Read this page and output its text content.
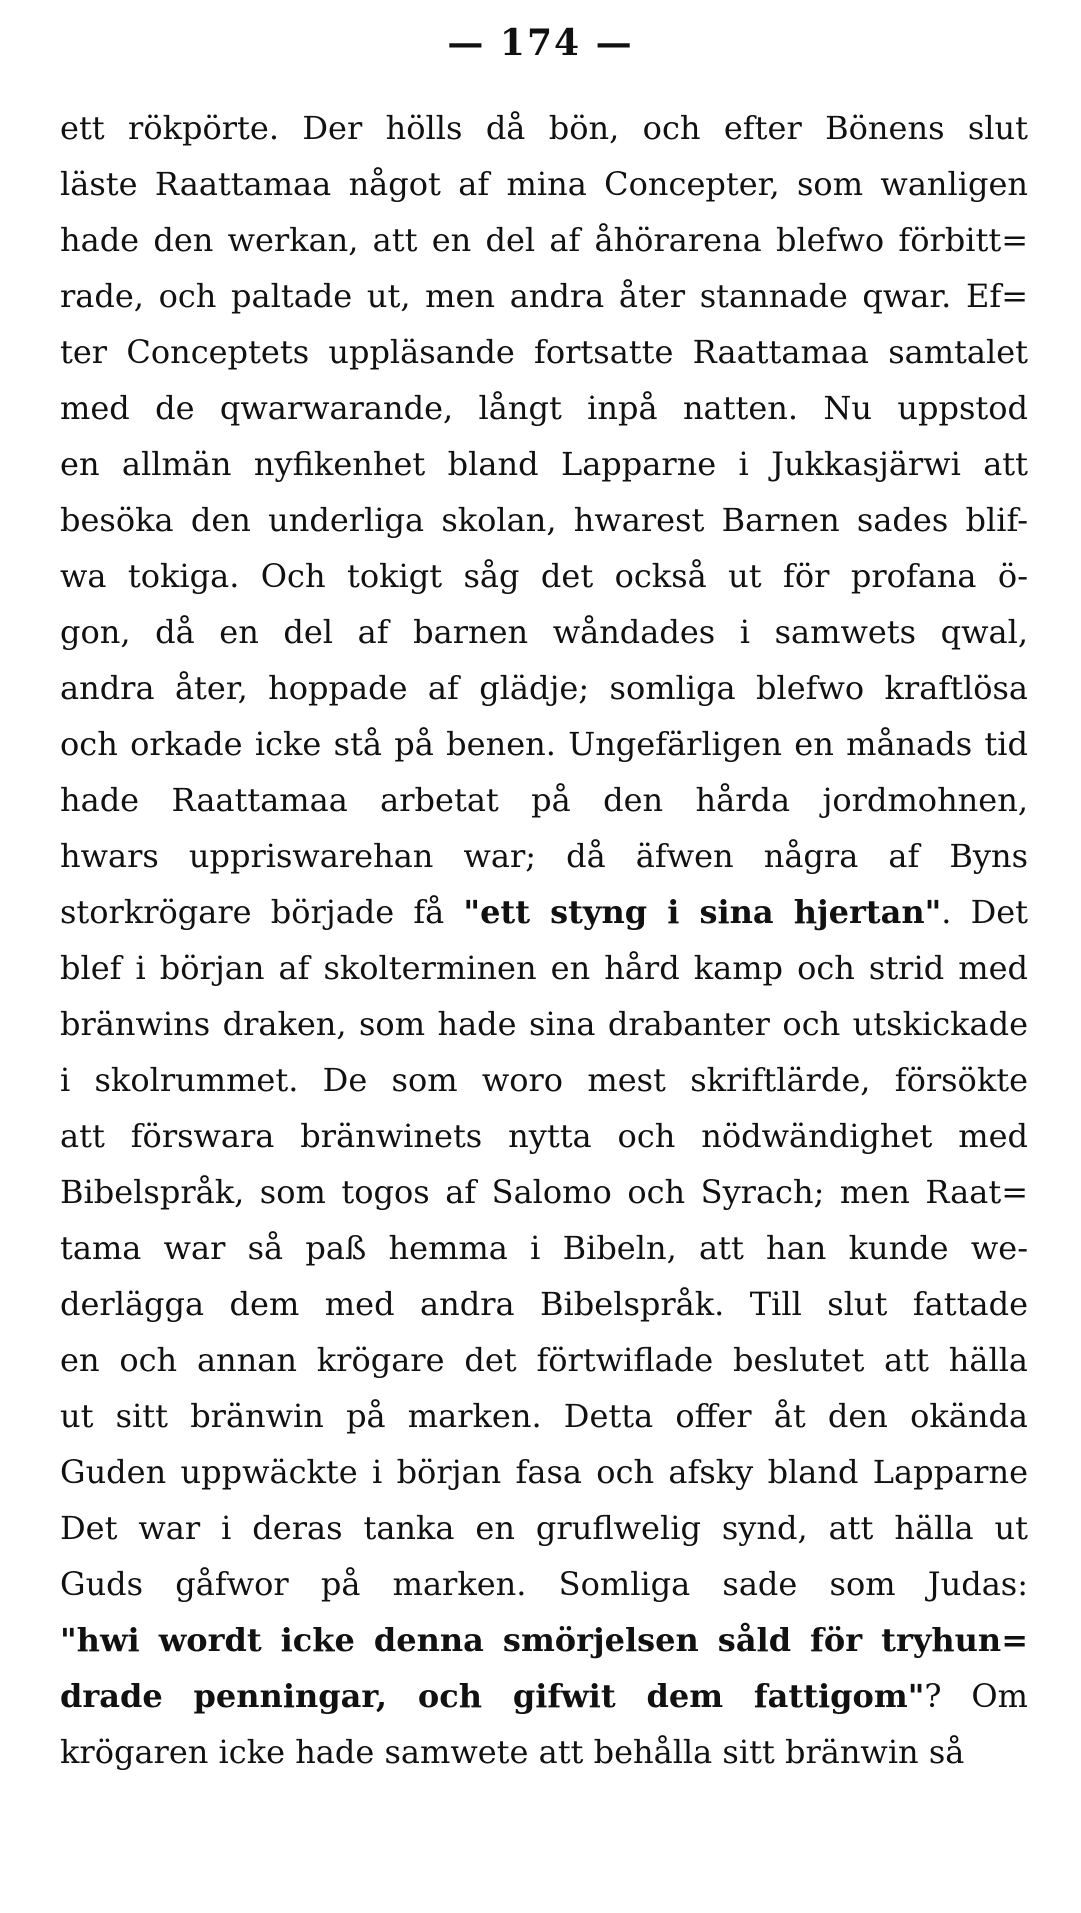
— 174 —
ett rökpörte. Der hölls då bön, och efter Bönens slut
läste Raattamaa något af mina Concepter, som wanligen
hade den werkan, att en del af åhörarena blefwo förbitt=
rade, och paltade ut, men andra åter stannade qwar. Ef=
ter Conceptets uppläsande fortsatte Raattamaa samtalet
med de qwarwarande, långt inpå natten. Nu uppstod
en allmän nyfikenhet bland Lapparne i Jukkasjärwi att
besöka den underliga skolan, hwarest Barnen sades blif-
wa tokiga. Och tokigt såg det också ut för profana ö-
gon, då en del af barnen wåndades i samwets qwal,
andra åter, hoppade af glädje; somliga blefwo kraftlösa
och orkade icke stå på benen. Ungefärligen en månads tid
hade Raattamaa arbetat på den hårda jordmohnen,
hwars uppriswarehan war; då äfwen några af Byns
storkrögare började få "ett styng i sina hjertan". Det
blef i början af skolterminen en hård kamp och strid med
bränwins draken, som hade sina drabanter och utskickade
i skolrummet. De som woro mest skriftlärde, försökte
att förswara bränwinets nytta och nödwändighet med
Bibelspråk, som togos af Salomo och Syrach; men Raat=
tama war så paß hemma i Bibeln, att han kunde we-
derlägga dem med andra Bibelspråk. Till slut fattade
en och annan krögare det förtwiflade beslutet att hälla
ut sitt bränwin på marken. Detta offer åt den okända
Guden uppwäckte i början fasa och afsky bland Lapparne
Det war i deras tanka en gruflwelig synd, att hälla ut
Guds gåfwor på marken. Somliga sade som Judas:
"hwi wordt icke denna smörjelsen såld för tryhun=
drade penningar, och gifwit dem fattigom"? Om
krögaren icke hade samwete att behålla sitt bränwin så
